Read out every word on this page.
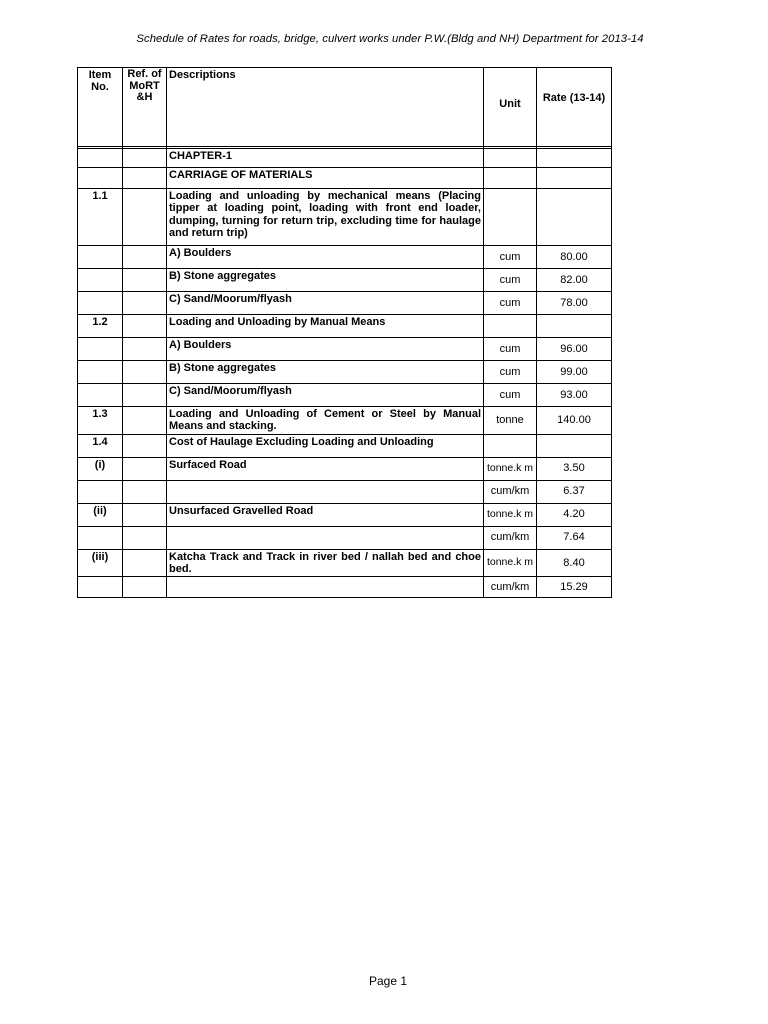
Schedule of Rates for roads, bridge, culvert works under P.W.(Bldg and NH) Department for 2013-14
Item No.	Ref. of MoRT &H	Descriptions	Unit	Rate (13-14)

		CHAPTER-1		
		CARRIAGE OF MATERIALS		
1.1		Loading and unloading by mechanical means (Placing tipper at loading point, loading with front end loader, dumping, turning for return trip, excluding time for haulage and return trip)		
		A) Boulders	cum	80.00
		B) Stone aggregates	cum	82.00
		C) Sand/Moorum/flyash	cum	78.00
1.2		Loading and Unloading by Manual Means		
		A) Boulders	cum	96.00
		B) Stone aggregates	cum	99.00
		C) Sand/Moorum/flyash	cum	93.00
1.3		Loading and Unloading of Cement or Steel by Manual Means and stacking.	tonne	140.00
1.4		Cost of Haulage Excluding Loading and Unloading		
(i)		Surfaced Road	tonne.k m	3.50
			cum/km	6.37
(ii)		Unsurfaced Gravelled Road	tonne.k m	4.20
			cum/km	7.64
(iii)		Katcha Track and Track in river bed / nallah bed and choe bed.	tonne.k m	8.40
			cum/km	15.29
Page 1
